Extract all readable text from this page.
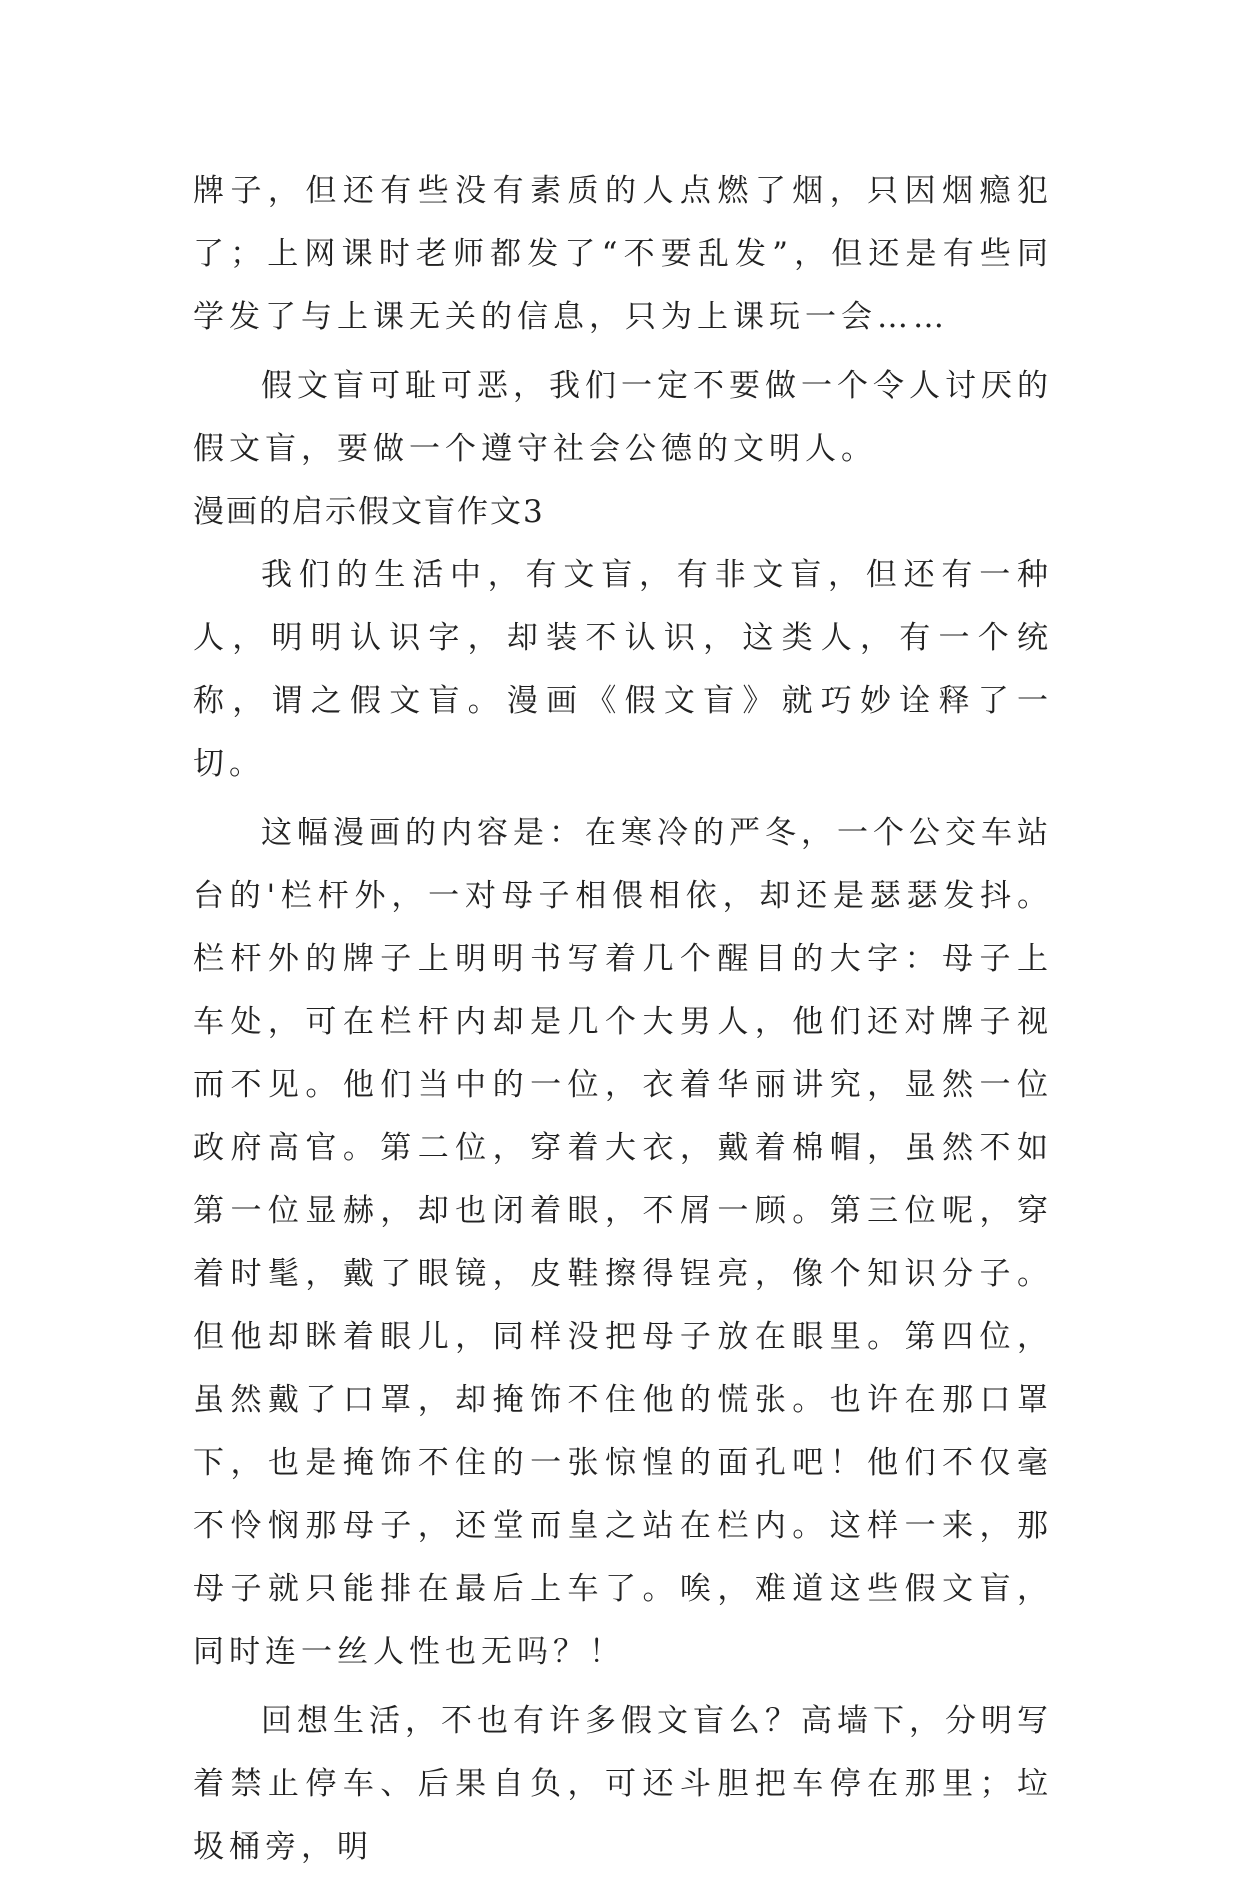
牌子，但还有些没有素质的人点燃了烟，只因烟瘾犯了；上网课时老师都发了“不要乱发”，但还是有些同学发了与上课无关的信息，只为上课玩一会……

假文盲可耻可恶，我们一定不要做一个令人讨厌的假文盲，要做一个遵守社会公德的文明人。

漫画的启示假文盲作文3

我们的生活中，有文盲，有非文盲，但还有一种人，明明认识字，却装不认识，这类人，有一个统称，谓之假文盲。漫画《假文盲》就巧妙诠释了一切。

这幅漫画的内容是：在寒冷的严冬，一个公交车站台的'栏杆外，一对母子相偎相依，却还是瑟瑟发抖。栏杆外的牌子上明明书写着几个醒目的大字：母子上车处，可在栏杆内却是几个大男人，他们还对牌子视而不见。他们当中的一位，衣着华丽讲究，显然一位政府高官。第二位，穿着大衣，戴着棉帽，虽然不如第一位显赫，却也闭着眼，不屑一顾。第三位呢，穿着时髦，戴了眼镜，皮鞋擦得锃亮，像个知识分子。但他却眯着眼儿，同样没把母子放在眼里。第四位，虽然戴了口罩，却掩饰不住他的慌张。也许在那口罩下，也是掩饰不住的一张惊惶的面孔吧！他们不仅毫不怜悯那母子，还堂而皇之站在栏内。这样一来，那母子就只能排在最后上车了。唉，难道这些假文盲，同时连一丝人性也无吗？！

回想生活，不也有许多假文盲么？高墙下，分明写着禁止停车、后果自负，可还斗胆把车停在那里；垃圾桶旁，明
